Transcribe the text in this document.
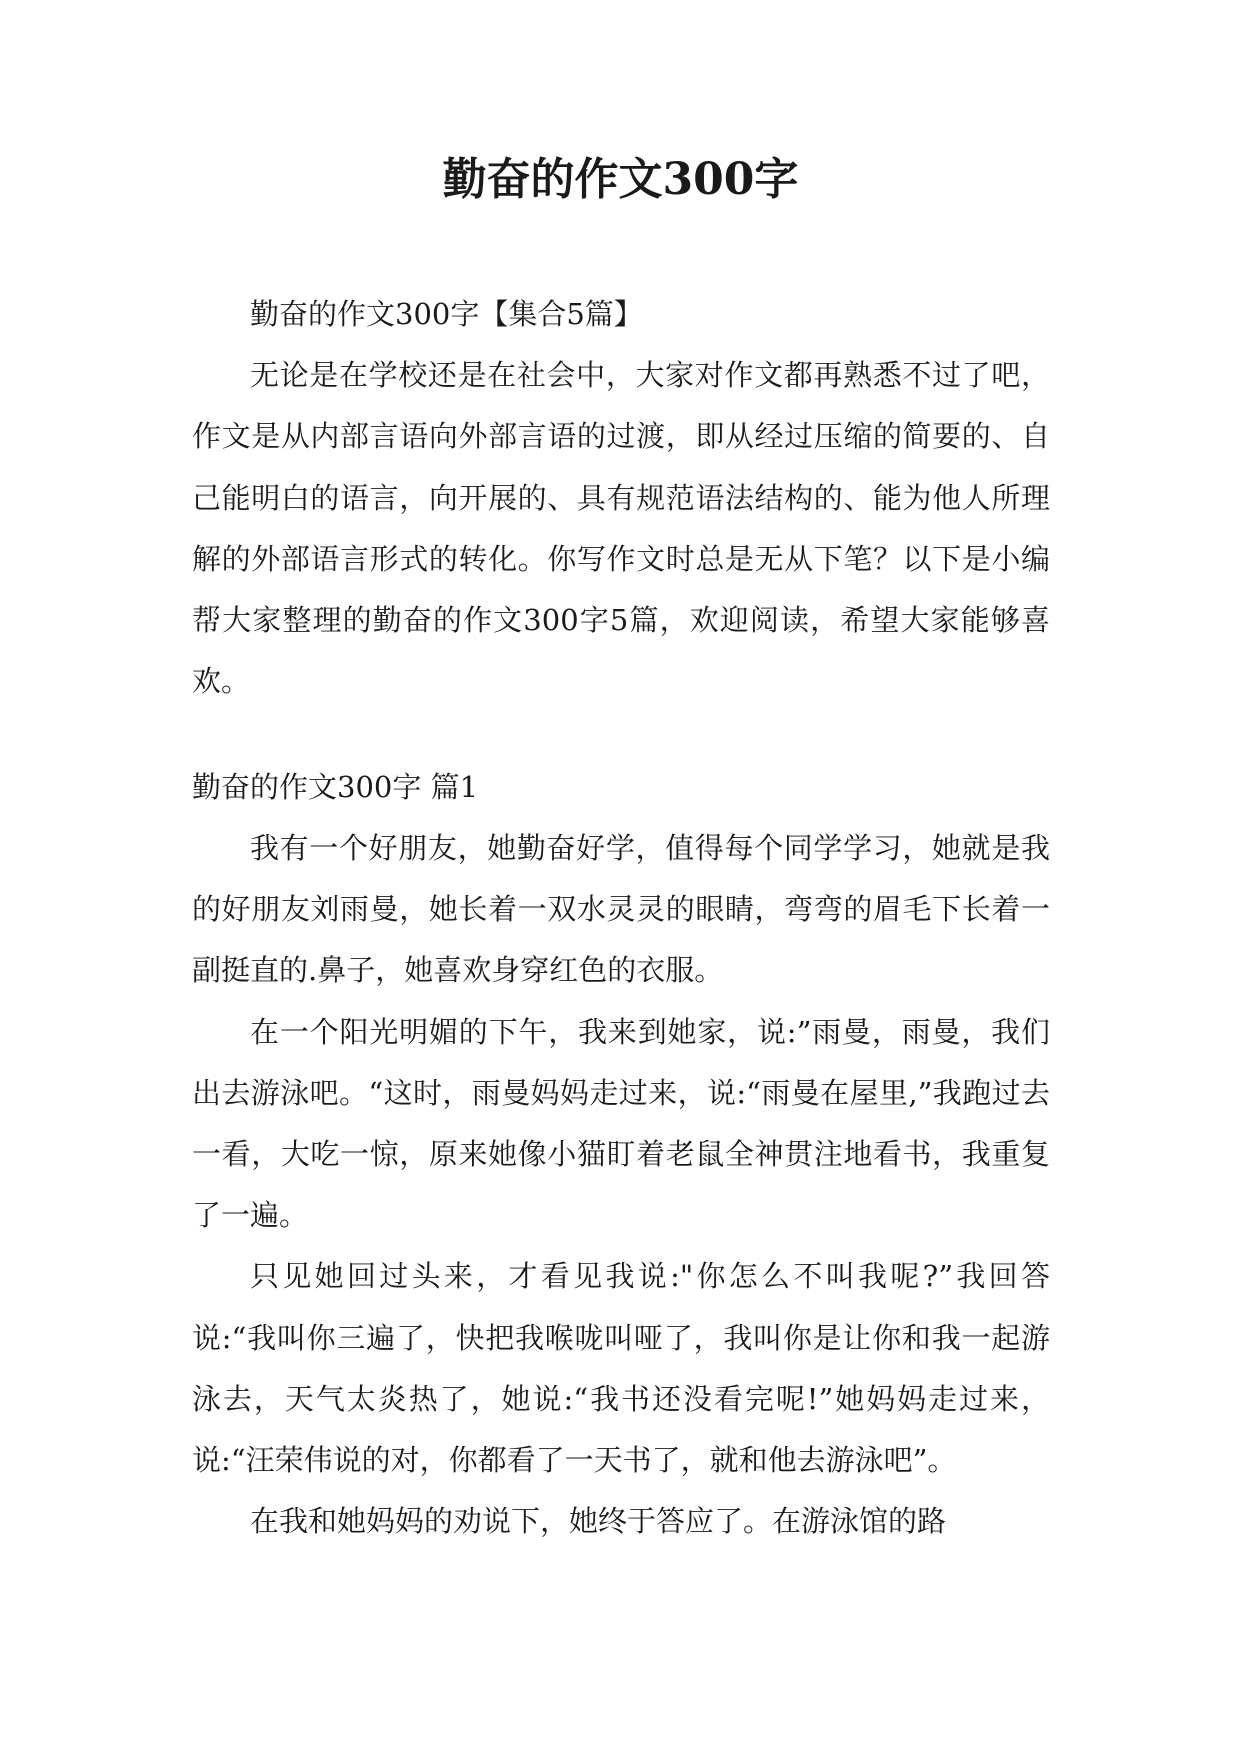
勤奋的作文300字

勤奋的作文300字【集合5篇】

无论是在学校还是在社会中，大家对作文都再熟悉不过了吧，作文是从内部言语向外部言语的过渡，即从经过压缩的简要的、自己能明白的语言，向开展的、具有规范语法结构的、能为他人所理解的外部语言形式的转化。你写作文时总是无从下笔？以下是小编帮大家整理的勤奋的作文300字5篇，欢迎阅读，希望大家能够喜欢。

勤奋的作文300字 篇1

我有一个好朋友，她勤奋好学，值得每个同学学习，她就是我的好朋友刘雨曼，她长着一双水灵灵的眼睛，弯弯的眉毛下长着一副挺直的.鼻子，她喜欢身穿红色的衣服。

在一个阳光明媚的下午，我来到她家，说:”雨曼，雨曼，我们出去游泳吧。“这时，雨曼妈妈走过来，说:“雨曼在屋里,”我跑过去一看，大吃一惊，原来她像小猫盯着老鼠全神贯注地看书，我重复了一遍。

只见她回过头来，才看见我说:"你怎么不叫我呢?”我回答说:“我叫你三遍了，快把我喉咙叫哑了，我叫你是让你和我一起游泳去，天气太炎热了，她说:“我书还没看完呢!”她妈妈走过来，说:“汪荣伟说的对，你都看了一天书了，就和他去游泳吧”。

在我和她妈妈的劝说下，她终于答应了。在游泳馆的路
